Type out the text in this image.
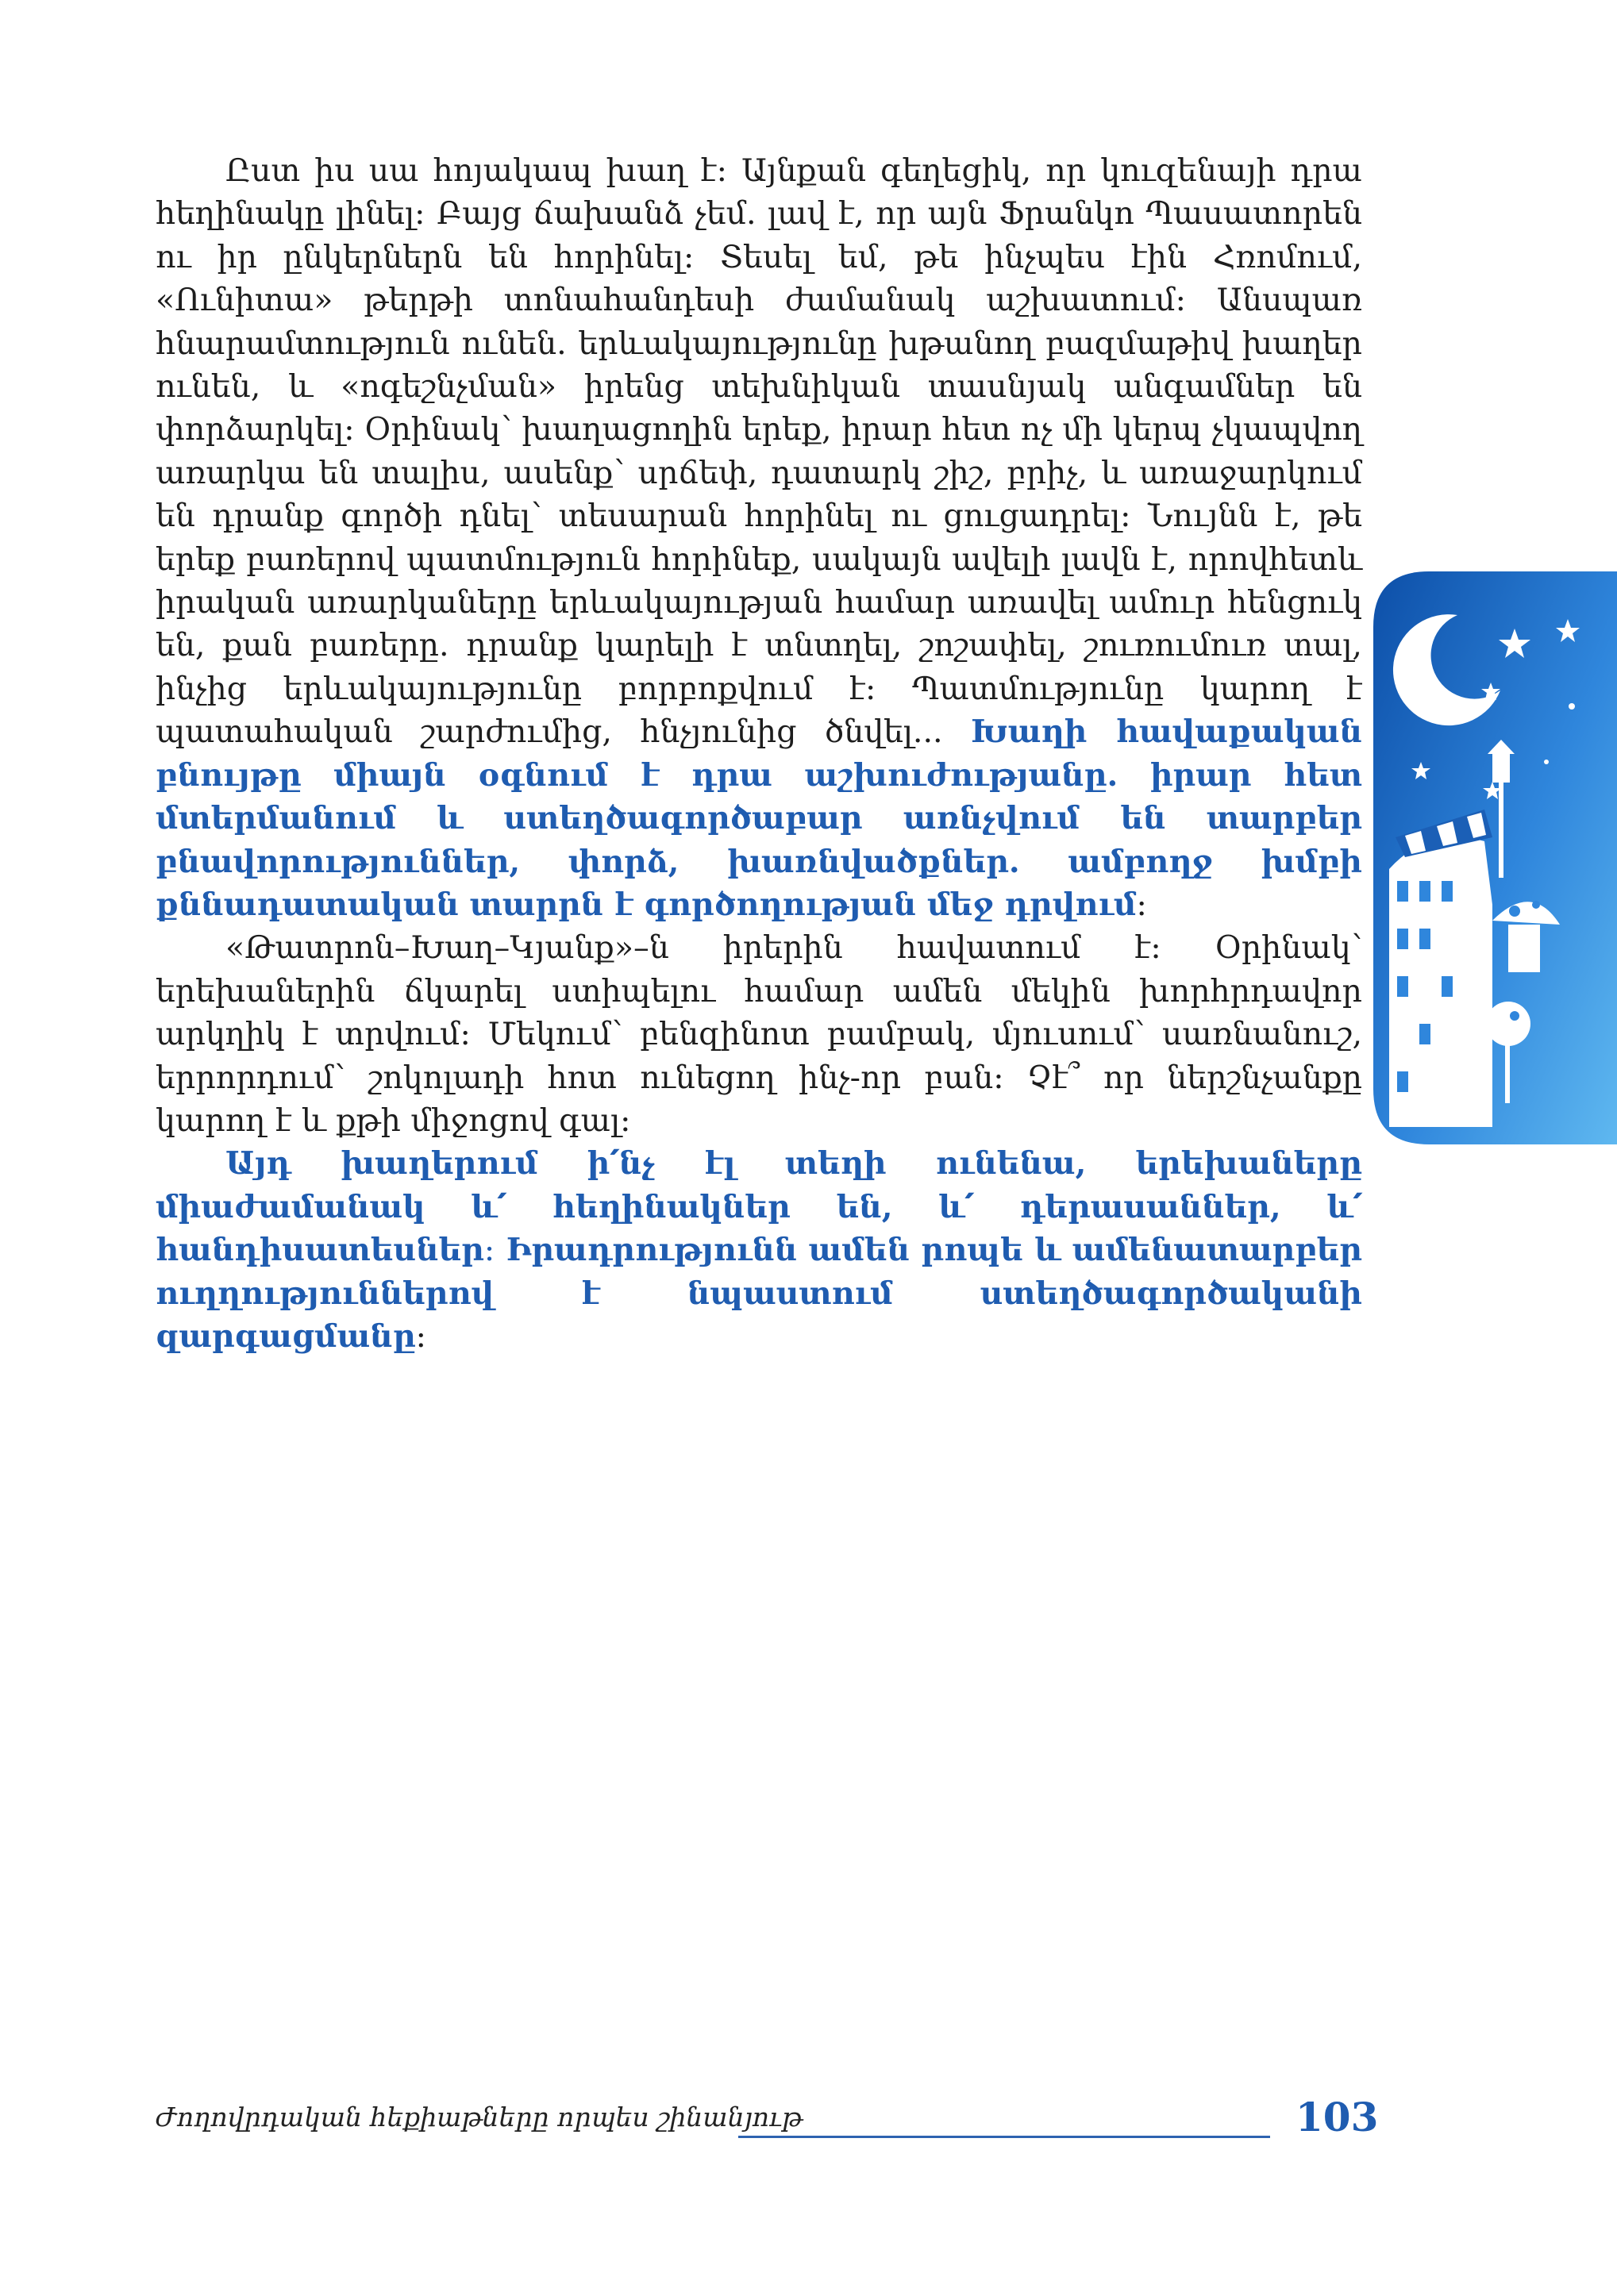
Ըստ իս սա հոյակապ խաղ է։ Այնքան գեղեցիկ, որ կուզենայի դրա հեղինակը լինել։ Բայց ճախանձ չեմ. լավ է, որ այն Ֆրանկո Պասատորեն ու իր ընկերներն են հորինել։ Տեսել եմ, թե ինչպես էին Հռոմում, «Ունիտա» թերթի տոնահանդեսի ժամանակ աշխատում։ Անսպառ հնարամտություն ունեն. երևակայությունը խթանող բազմաթիվ խաղեր ունեն, և «ոգեշնչման» իրենց տեխնիկան տասնյակ անգամներ են փորձարկել։ Օրինակ՝ խաղացողին երեք, իրար հետ ոչ մի կերպ չկապվող առարկա են տալիս, ասենք՝ սրճեփ, դատարկ շիշ, բրիչ, և առաջարկում են դրանք գործի դնել՝ տեսարան հորինել ու ցուցադրել։ Նույնն է, թե երեք բառերով պատմություն հորինեք, սակայն ավելի լավն է, որովհետև իրական առարկաները երևակայության համար առավել ամուր հենցուկ են, քան բառերը. դրանք կարելի է տնտղել, շոշափել, շուռումուռ տալ, ինչից երևակայությունը բորբոքվում է։ Պատմությունը կարող է պատահական շարժումից, հնչյունից ծնվել... Խաղի հավաքական բնույթը միայն օգնում է դրա աշխուժությանը. իրար հետ մտերմանում և ստեղծագործաբար առնչվում են տարբեր բնավորություններ, փորձ, խառնվածքներ. ամբողջ խմբի քննադատական տարրն է գործողության մեջ դրվում։

«Թատրոն–Խաղ–Կյանք»–ն իրերին հավատում է։ Օրինակ՝ երեխաներին ճկարել ստիպելու համար ամեն մեկին խորհրդավոր արկղիկ է տրվում։ Մեկում՝ բենզինոտ բամբակ, մյուսում՝ սառնանուշ, երրորդում՝ շոկոլադի հոտ ունեցող ինչ-որ բան։ Չէ՞ որ ներշնչանքը կարող է և քթի միջոցով գալ։

Այդ խաղերում ի՛նչ էլ տեղի ունենա, երեխաները միաժամանակ և՛ հեղինակներ են, և՛ դերասաններ, և՛ հանդիսատեսներ։ Իրադրությունն ամեն րոպե և ամենատարբեր ուղղություններով է նպաստում ստեղծագործականի զարգացմանը։

Ժողովրդական հեքիաթները որպես շինանյութ	103
